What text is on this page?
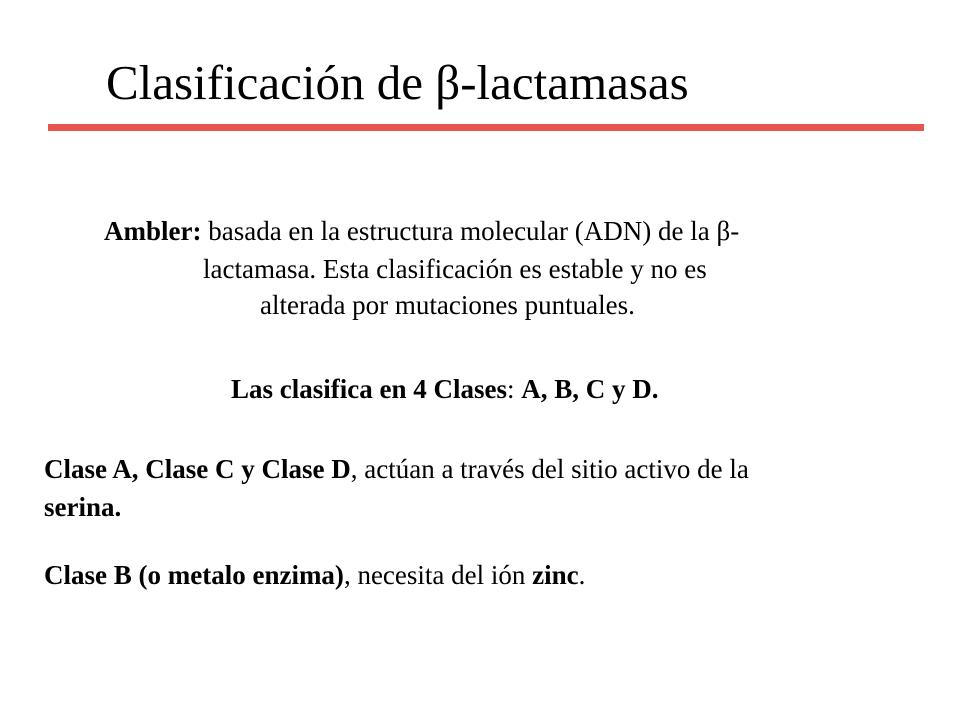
Clasificación de β-lactamasas
Ambler: basada en la estructura molecular (ADN) de la β-
lactamasa. Esta clasificación es estable y no es
alterada por mutaciones puntuales.
Las clasifica en 4 Clases: A, B, C y D.
Clase A, Clase C y Clase D, actúan a través del sitio activo de la
serina.
Clase B (o metalo enzima), necesita del ión zinc.
